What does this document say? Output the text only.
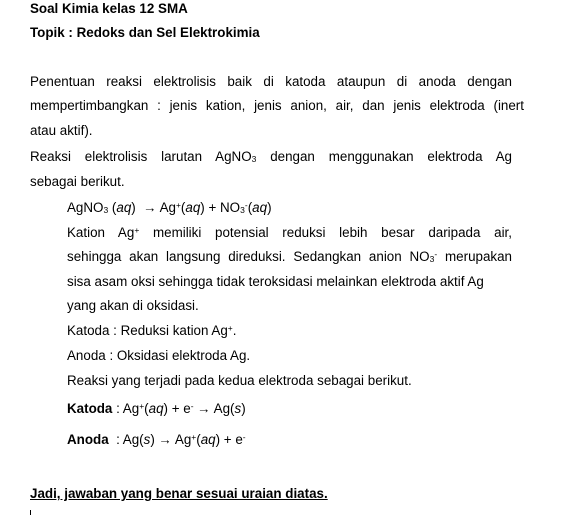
Soal Kimia kelas 12 SMA
Topik : Redoks dan Sel Elektrokimia
Penentuan reaksi elektrolisis baik di katoda ataupun di anoda dengan
mempertimbangkan : jenis kation, jenis anion, air, dan jenis elektroda (inert
atau aktif).
Reaksi elektrolisis larutan AgNO$_3$ dengan menggunakan elektroda Ag
sebagai berikut.
AgNO$_3$ $(aq) \to Ag^+(aq) + NO_3^-(aq)$
Kation Ag+ memiliki potensial reduksi lebih besar daripada air,
sehingga akan langsung direduksi. Sedangkan anion $NO_3^-$ merupakan
sisa asam oksi sehingga tidak teroksidasi melainkan elektroda aktif Ag
yang akan di oksidasi.
Katoda : Reduksi kation Ag+.
Anoda : Oksidasi elektroda Ag.
Reaksi yang terjadi pada kedua elektroda sebagai berikut.
Katoda : Ag+(aq) + e- → Ag(s)
Anoda  : Ag(s) → Ag+(aq) + e-
Jadi, jawaban yang benar sesuai uraian diatas.
